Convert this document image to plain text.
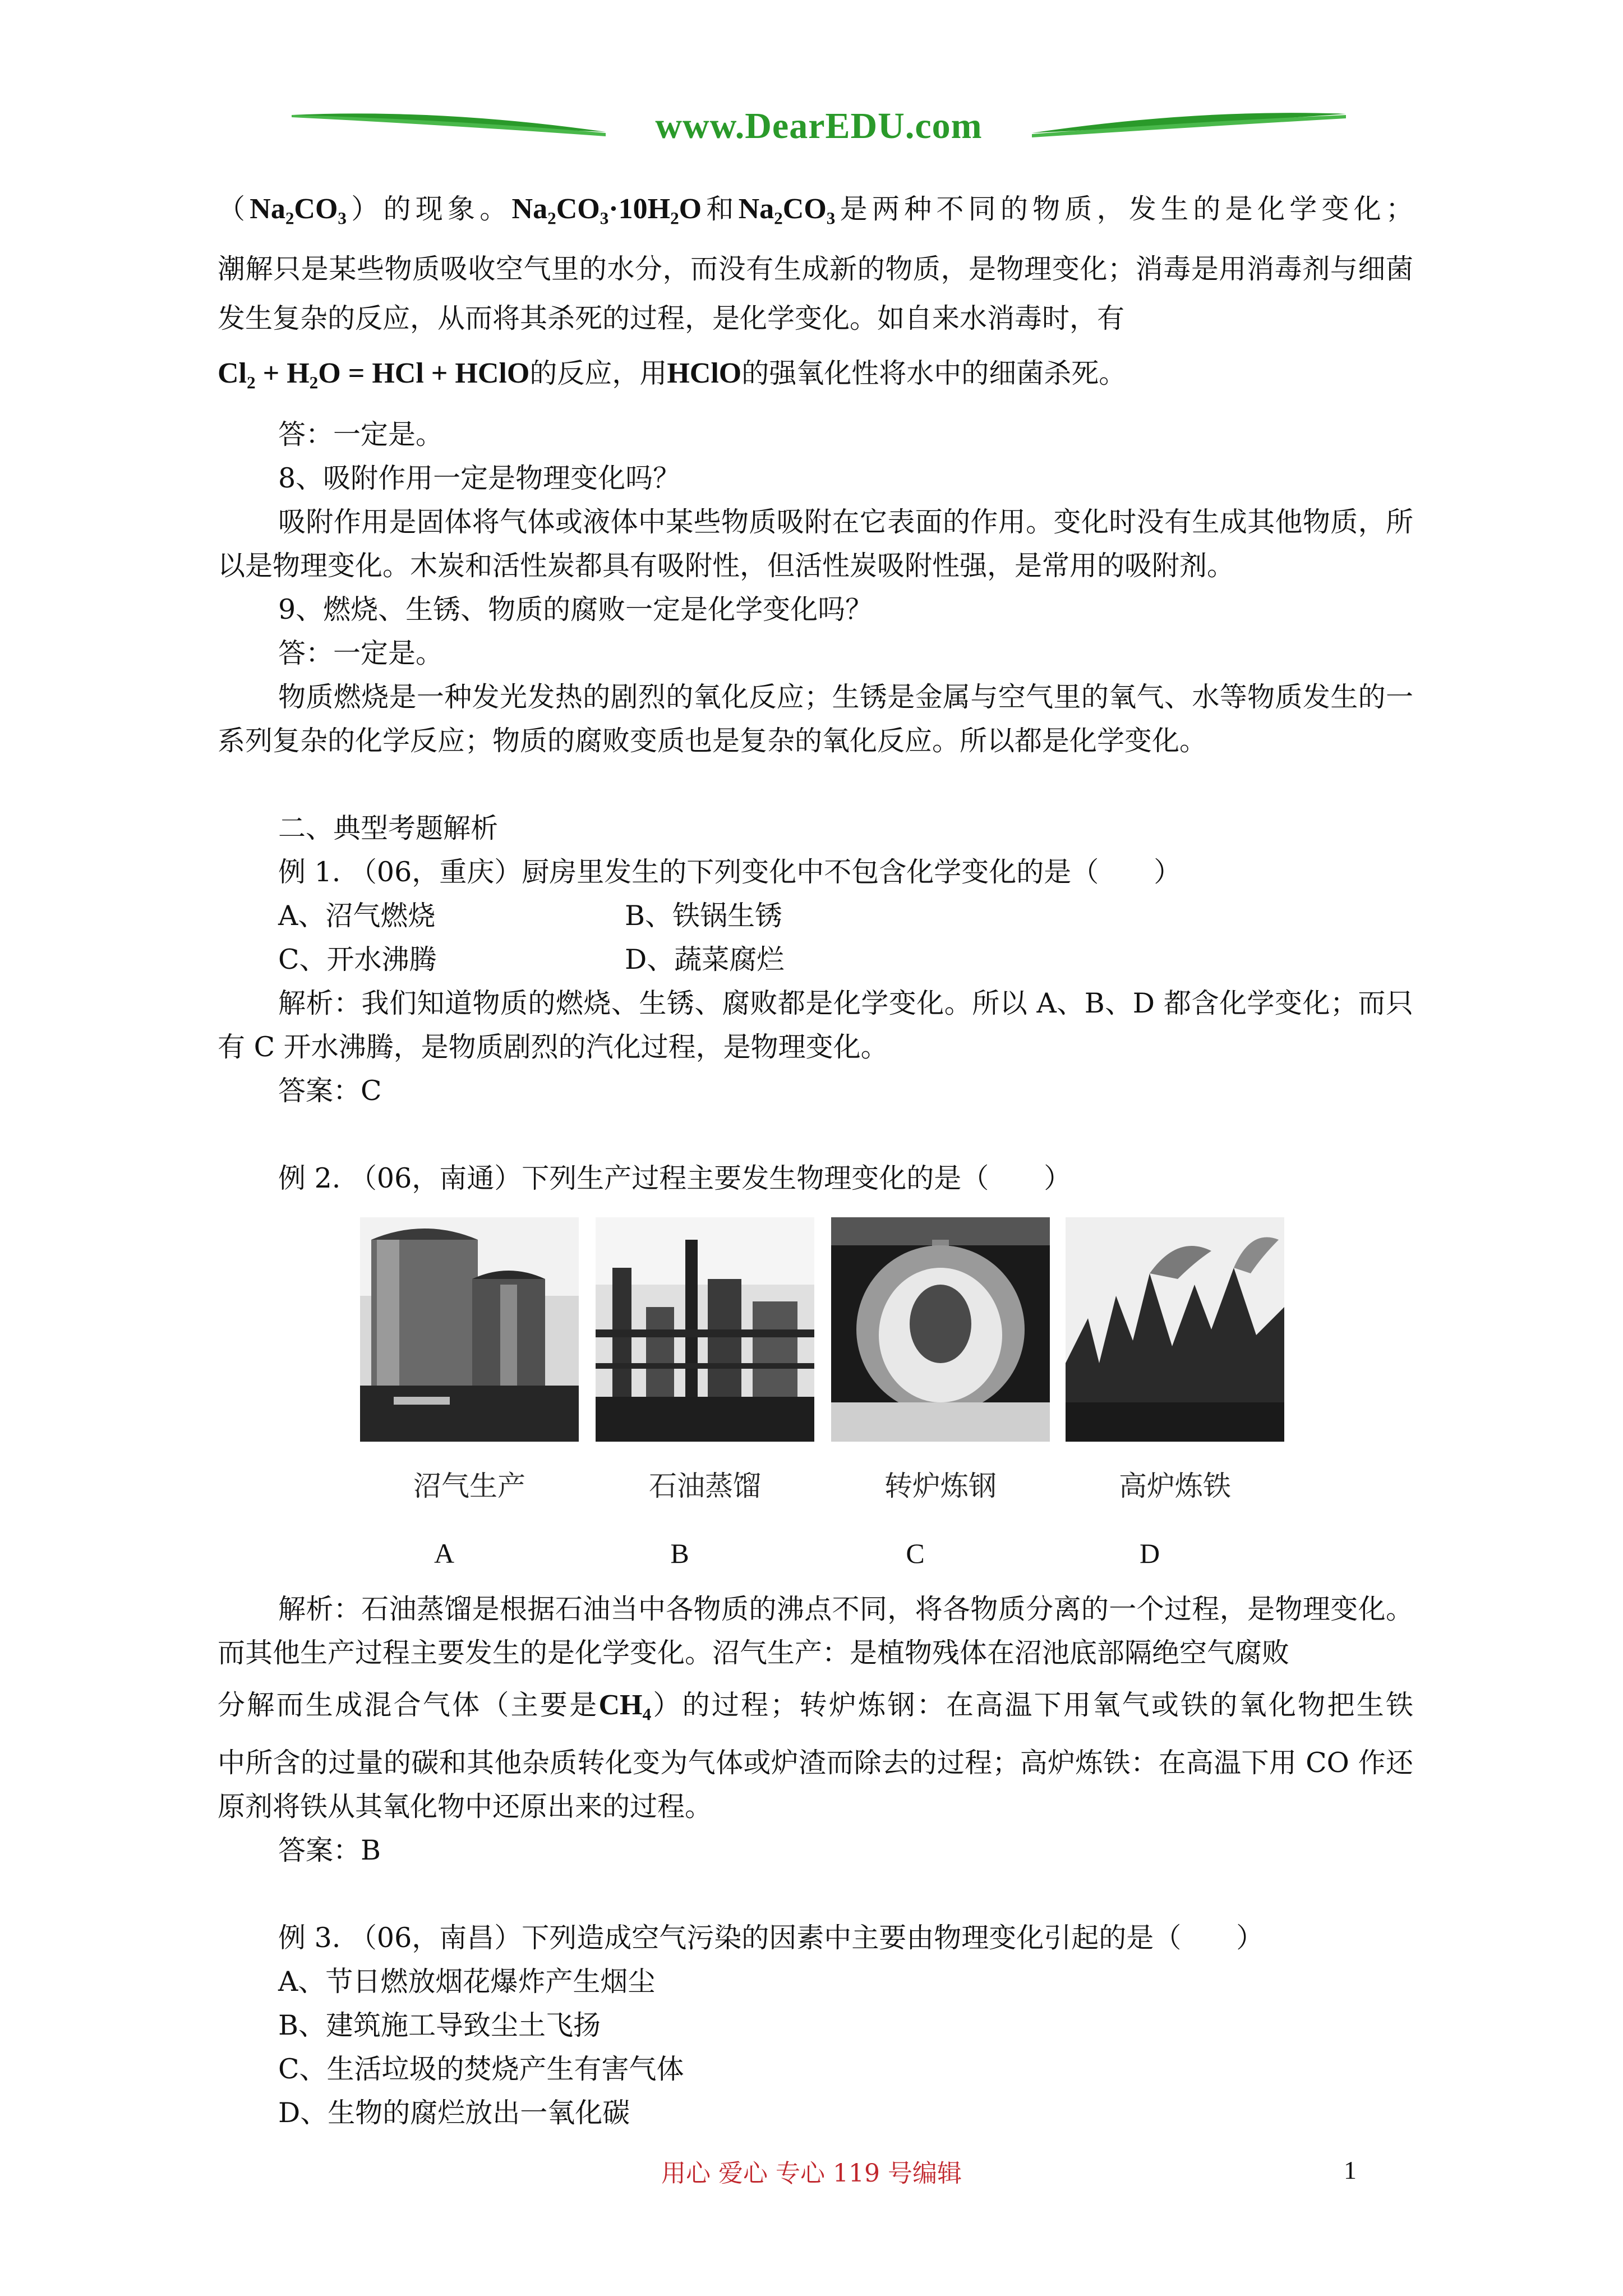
www.DearEDU.com

（Na₂CO₃）的现象。Na₂CO₃·10H₂O和Na₂CO₃是两种不同的物质，发生的是化学变化；

潮解只是某些物质吸收空气里的水分，而没有生成新的物质，是物理变化；消毒是用消毒剂与细菌发生复杂的反应，从而将其杀死的过程，是化学变化。如自来水消毒时，有

Cl₂ + H₂O = HCl + HClO的反应，用HClO的强氧化性将水中的细菌杀死。

答：一定是。

8、吸附作用一定是物理变化吗？

吸附作用是固体将气体或液体中某些物质吸附在它表面的作用。变化时没有生成其他物质，所以是物理变化。木炭和活性炭都具有吸附性，但活性炭吸附性强，是常用的吸附剂。

9、燃烧、生锈、物质的腐败一定是化学变化吗？

答：一定是。

物质燃烧是一种发光发热的剧烈的氧化反应；生锈是金属与空气里的氧气、水等物质发生的一系列复杂的化学反应；物质的腐败变质也是复杂的氧化反应。所以都是化学变化。

二、典型考题解析

例 1. （06，重庆）厨房里发生的下列变化中不包含化学变化的是（　　）

A、沼气燃烧	B、铁锅生锈
C、开水沸腾	D、蔬菜腐烂

解析：我们知道物质的燃烧、生锈、腐败都是化学变化。所以 A、B、D 都含化学变化；而只有 C 开水沸腾，是物质剧烈的汽化过程，是物理变化。

答案：C

例 2. （06，南通）下列生产过程主要发生物理变化的是（　　）

沼气生产	石油蒸馏	转炉炼钢	高炉炼铁
A	B	C	D

解析：石油蒸馏是根据石油当中各物质的沸点不同，将各物质分离的一个过程，是物理变化。而其他生产过程主要发生的是化学变化。沼气生产：是植物残体在沼池底部隔绝空气腐败

分解而生成混合气体（主要是CH₄）的过程；转炉炼钢：在高温下用氧气或铁的氧化物把生铁

中所含的过量的碳和其他杂质转化变为气体或炉渣而除去的过程；高炉炼铁：在高温下用 CO 作还原剂将铁从其氧化物中还原出来的过程。

答案：B

例 3. （06，南昌）下列造成空气污染的因素中主要由物理变化引起的是（　　）

A、节日燃放烟花爆炸产生烟尘

B、建筑施工导致尘土飞扬

C、生活垃圾的焚烧产生有害气体

D、生物的腐烂放出一氧化碳

用心 爱心 专心 119 号编辑	1
